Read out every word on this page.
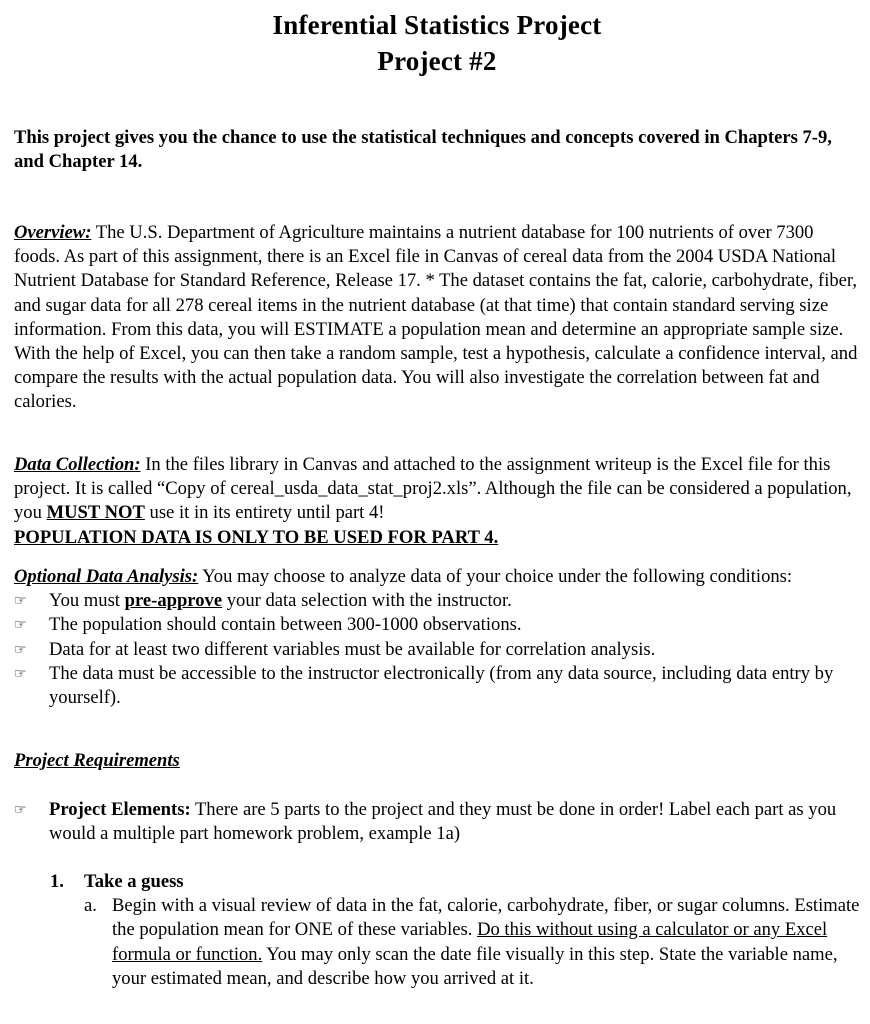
Inferential Statistics Project
Project #2

This project gives you the chance to use the statistical techniques and concepts covered in Chapters 7-9, and Chapter 14.

Overview: The U.S. Department of Agriculture maintains a nutrient database for 100 nutrients of over 7300 foods. As part of this assignment, there is an Excel file in Canvas of cereal data from the 2004 USDA National Nutrient Database for Standard Reference, Release 17. * The dataset contains the fat, calorie, carbohydrate, fiber, and sugar data for all 278 cereal items in the nutrient database (at that time) that contain standard serving size information. From this data, you will ESTIMATE a population mean and determine an appropriate sample size. With the help of Excel, you can then take a random sample, test a hypothesis, calculate a confidence interval, and compare the results with the actual population data. You will also investigate the correlation between fat and calories.

Data Collection: In the files library in Canvas and attached to the assignment writeup is the Excel file for this project. It is called “Copy of cereal_usda_data_stat_proj2.xls”. Although the file can be considered a population, you MUST NOT use it in its entirety until part 4!

POPULATION DATA IS ONLY TO BE USED FOR PART 4.

Optional Data Analysis: You may choose to analyze data of your choice under the following conditions:

☞ You must pre-approve your data selection with the instructor.
☞ The population should contain between 300-1000 observations.
☞ Data for at least two different variables must be available for correlation analysis.
☞ The data must be accessible to the instructor electronically (from any data source, including data entry by yourself).

Project Requirements

☞ Project Elements: There are 5 parts to the project and they must be done in order! Label each part as you would a multiple part homework problem, example 1a)
1. Take a guess
a. Begin with a visual review of data in the fat, calorie, carbohydrate, fiber, or sugar columns. Estimate the population mean for ONE of these variables. Do this without using a calculator or any Excel formula or function. You may only scan the date file visually in this step. State the variable name, your estimated mean, and describe how you arrived at it.
